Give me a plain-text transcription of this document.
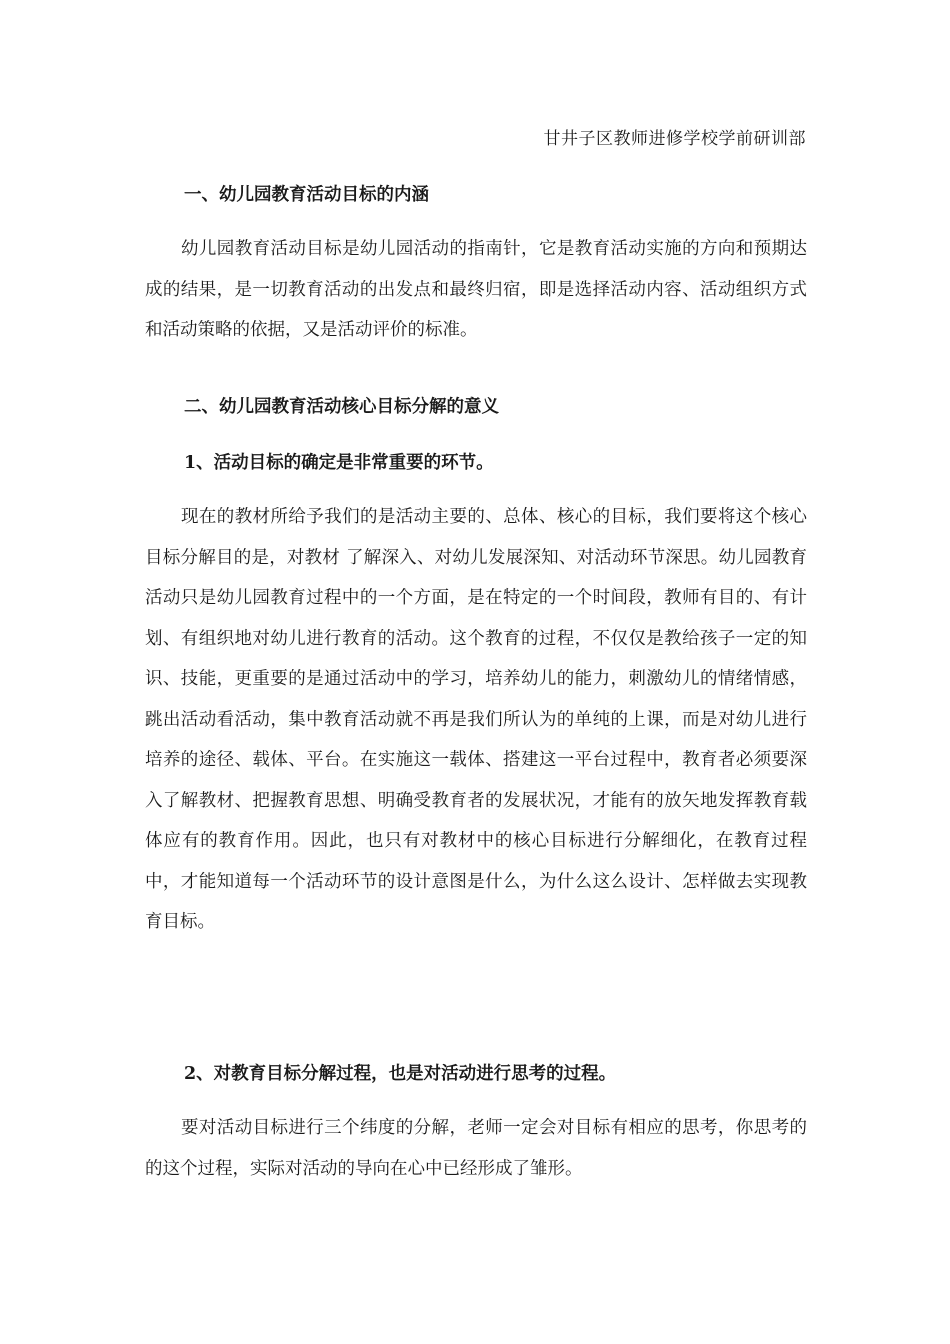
甘井子区教师进修学校学前研训部
一、幼儿园教育活动目标的内涵

幼儿园教育活动目标是幼儿园活动的指南针，它是教育活动实施的方向和预期达成的结果，是一切教育活动的出发点和最终归宿，即是选择活动内容、活动组织方式和活动策略的依据，又是活动评价的标准。

二、幼儿园教育活动核心目标分解的意义
1、活动目标的确定是非常重要的环节。

现在的教材所给予我们的是活动主要的、总体、核心的目标，我们要将这个核心目标分解目的是，对教材 了解深入、对幼儿发展深知、对活动环节深思。幼儿园教育活动只是幼儿园教育过程中的一个方面，是在特定的一个时间段，教师有目的、有计划、有组织地对幼儿进行教育的活动。这个教育的过程，不仅仅是教给孩子一定的知识、技能，更重要的是通过活动中的学习，培养幼儿的能力，刺激幼儿的情绪情感，跳出活动看活动，集中教育活动就不再是我们所认为的单纯的上课，而是对幼儿进行培养的途径、载体、平台。在实施这一载体、搭建这一平台过程中，教育者必须要深入了解教材、把握教育思想、明确受教育者的发展状况，才能有的放矢地发挥教育载体应有的教育作用。因此，也只有对教材中的核心目标进行分解细化，在教育过程中，才能知道每一个活动环节的设计意图是什么，为什么这么设计、怎样做去实现教育目标。

2、对教育目标分解过程，也是对活动进行思考的过程。

要对活动目标进行三个纬度的分解，老师一定会对目标有相应的思考，你思考的的这个过程，实际对活动的导向在心中已经形成了雏形。
